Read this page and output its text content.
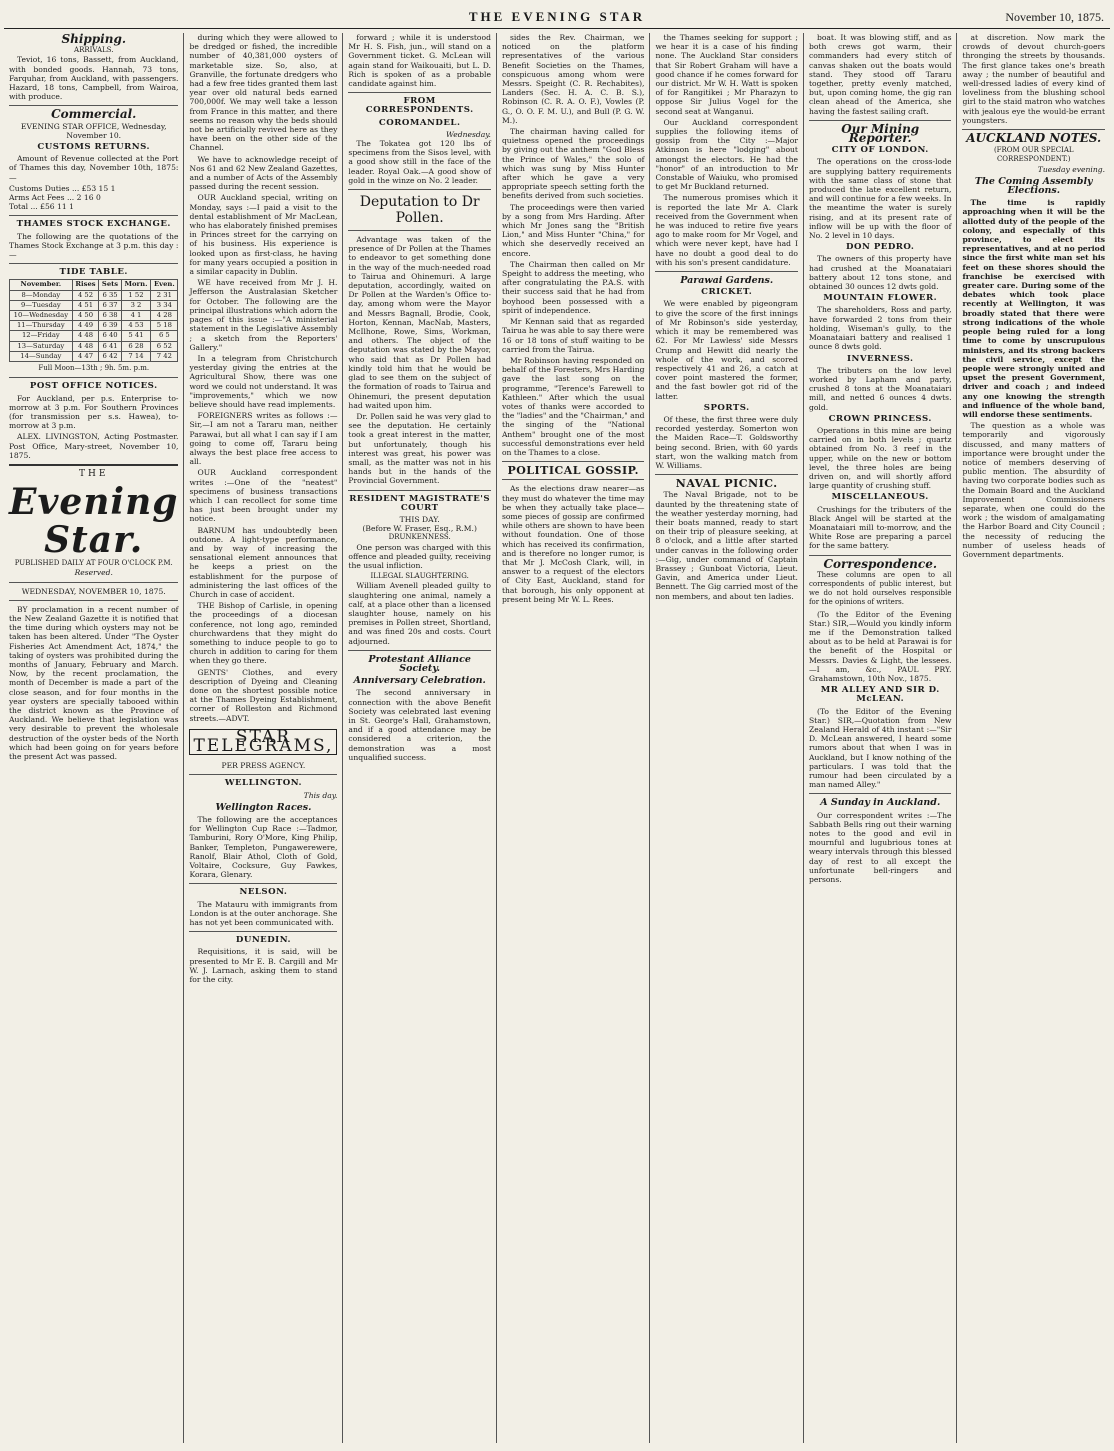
THE EVENING STAR	November 10, 1875.
Shipping.
ARRIVALS.

Teviot, 16 tons, Bassett, from Auckland, with bonded goods. Hannah, 73 tons, Farquhar, from Auckland, with passengers. Hazard, 18 tons, Campbell, from Wairoa, with produce.

Commercial.
EVENING STAR OFFICE, Wednesday, November 10.
CUSTOMS RETURNS.

Amount of Revenue collected at the Port of Thames this day, November 10th, 1875:—

Customs Duties ... £53 15 1
Arms Act Fees ... 2 16 0
Total ... £56 11 1
THAMES STOCK EXCHANGE.

The following are the quotations of the Thames Stock Exchange at 3 p.m. this day :—

TIDE TABLE.
November.	Rises	Sets	Morn.	Even.
8—Monday	4 52	6 35	1 52	2 31
9—Tuesday	4 51	6 37	3 2	3 34
10—Wednesday	4 50	6 38	4 1	4 28
11—Thursday	4 49	6 39	4 53	5 18
12—Friday	4 48	6 40	5 41	6 5
13—Saturday	4 48	6 41	6 28	6 52
14—Sunday	4 47	6 42	7 14	7 42
Full Moon—13th ; 9h. 5m. p.m.
POST OFFICE NOTICES.

For Auckland, per p.s. Enterprise to-morrow at 3 p.m. For Southern Provinces (for transmission per s.s. Hawea), to-morrow at 3 p.m.

ALEX. LIVINGSTON, Acting Postmaster. Post Office, Mary-street, November 10, 1875.

THE
Evening Star.
PUBLISHED DAILY AT FOUR O'CLOCK P.M.
Reserved.
WEDNESDAY, NOVEMBER 10, 1875.

BY proclamation in a recent number of the New Zealand Gazette it is notified that the time during which oysters may not be taken has been altered. Under "The Oyster Fisheries Act Amendment Act, 1874," the taking of oysters was prohibited during the months of January, February and March. Now, by the recent proclamation, the month of December is made a part of the close season, and for four months in the year oysters are specially tabooed within the district known as the Province of Auckland. We believe that legislation was very desirable to prevent the wholesale destruction of the oyster beds of the North which had been going on for years before the present Act was passed.

during which they were allowed to be dredged or fished, the incredible number of 40,381,000 oysters of marketable size. So, also, at Granville, the fortunate dredgers who had a few free tides granted them last year over old natural beds earned 700,000f. We may well take a lesson from France in this matter, and there seems no reason why the beds should not be artificially revived here as they have been on the other side of the Channel.

We have to acknowledge receipt of Nos 61 and 62 New Zealand Gazettes, and a number of Acts of the Assembly passed during the recent session.

OUR Auckland special, writing on Monday, says :—I paid a visit to the dental establishment of Mr MacLean, who has elaborately finished premises in Princes street for the carrying on of his business. His experience is looked upon as first-class, he having for many years occupied a position in a similar capacity in Dublin.

WE have received from Mr J. H. Jefferson the Australasian Sketcher for October. The following are the principal illustrations which adorn the pages of this issue :—"A ministerial statement in the Legislative Assembly ; a sketch from the Reporters' Gallery."

In a telegram from Christchurch yesterday giving the entries at the Agricultural Show, there was one word we could not understand. It was "improvements," which we now believe should have read implements.

FOREIGNERS writes as follows :—Sir,—I am not a Tararu man, neither Parawai, but all what I can say if I am going to come off, Tararu being always the best place free access to all.

OUR Auckland correspondent writes :—One of the "neatest" specimens of business transactions which I can recollect for some time has just been brought under my notice.

BARNUM has undoubtedly been outdone. A light-type performance, and by way of increasing the sensational element announces that he keeps a priest on the establishment for the purpose of administering the last offices of the Church in case of accident.

THE Bishop of Carlisle, in opening the proceedings of a diocesan conference, not long ago, reminded churchwardens that they might do something to induce people to go to church in addition to caring for them when they go there.

GENTS' Clothes, and every description of Dyeing and Cleaning done on the shortest possible notice at the Thames Dyeing Establishment, corner of Rolleston and Richmond streets.—ADVT.

STAR TELEGRAMS,
PER PRESS AGENCY.
WELLINGTON.
This day.
Wellington Races.

The following are the acceptances for Wellington Cup Race :—Tadmor, Tamburini, Rory O'More, King Philip, Banker, Templeton, Pungawerewere, Ranolf, Blair Athol, Cloth of Gold, Voltaire, Cocksure, Guy Fawkes, Korara, Glenary.

NELSON.

The Matauru with immigrants from London is at the outer anchorage. She has not yet been communicated with.

DUNEDIN.

Requisitions, it is said, will be presented to Mr E. B. Cargill and Mr W. J. Larnach, asking them to stand for the city.

forward ; while it is understood Mr H. S. Fish, jun., will stand on a Government ticket. G. McLean will again stand for Waikouaiti, but L. D. Rich is spoken of as a probable candidate against him.

FROM CORRESPONDENTS.
COROMANDEL.
Wednesday.

The Tokatea got 120 lbs of specimens from the Sisos level, with a good show still in the face of the leader. Royal Oak.—A good show of gold in the winze on No. 2 leader.

Deputation to Dr Pollen.

Advantage was taken of the presence of Dr Pollen at the Thames to endeavor to get something done in the way of the much-needed road to Tairua and Ohinemuri. A large deputation, accordingly, waited on Dr Pollen at the Warden's Office to-day, among whom were the Mayor and Messrs Bagnall, Brodie, Cook, Horton, Kennan, MacNab, Masters, McIlhone, Rowe, Sims, Workman, and others. The object of the deputation was stated by the Mayor, who said that as Dr Pollen had kindly told him that he would be glad to see them on the subject of the formation of roads to Tairua and Ohinemuri, the present deputation had waited upon him.

Dr. Pollen said he was very glad to see the deputation. He certainly took a great interest in the matter, but unfortunately, though his interest was great, his power was small, as the matter was not in his hands but in the hands of the Provincial Government.

RESIDENT MAGISTRATE'S COURT
THIS DAY.
(Before W. Fraser, Esq., R.M.)
DRUNKENNESS.

One person was charged with this offence and pleaded guilty, receiving the usual infliction.

ILLEGAL SLAUGHTERING.

William Avenell pleaded guilty to slaughtering one animal, namely a calf, at a place other than a licensed slaughter house, namely on his premises in Pollen street, Shortland, and was fined 20s and costs. Court adjourned.

Protestant Alliance Society.
Anniversary Celebration.

The second anniversary in connection with the above Benefit Society was celebrated last evening in St. George's Hall, Grahamstown, and if a good attendance may be considered a criterion, the demonstration was a most unqualified success.

sides the Rev. Chairman, we noticed on the platform representatives of the various Benefit Societies on the Thames, conspicuous among whom were Messrs. Speight (C. R. Rechabites), Landers (Sec. H. A. C. B. S.), Robinson (C. R. A. O. F.), Vowles (P. G., O. O. F. M. U.), and Bull (P. G. W. M.).

The chairman having called for quietness opened the proceedings by giving out the anthem "God Bless the Prince of Wales," the solo of which was sung by Miss Hunter after which he gave a very appropriate speech setting forth the benefits derived from such societies.

The proceedings were then varied by a song from Mrs Harding. After which Mr Jones sang the "British Lion," and Miss Hunter "China," for which she deservedly received an encore.

The Chairman then called on Mr Speight to address the meeting, who after congratulating the P.A.S. with their success said that he had from boyhood been possessed with a spirit of independence.

Mr Kennan said that as regarded Tairua he was able to say there were 16 or 18 tons of stuff waiting to be carried from the Tairua.

Mr Robinson having responded on behalf of the Foresters, Mrs Harding gave the last song on the programme, "Terence's Farewell to Kathleen." After which the usual votes of thanks were accorded to the "ladies" and the "Chairman," and the singing of the "National Anthem" brought one of the most successful demonstrations ever held on the Thames to a close.

POLITICAL GOSSIP.

As the elections draw nearer—as they must do whatever the time may be when they actually take place—some pieces of gossip are confirmed while others are shown to have been without foundation. One of those which has received its confirmation, and is therefore no longer rumor, is that Mr J. McCosh Clark, will, in answer to a request of the electors of City East, Auckland, stand for that borough, his only opponent at present being Mr W. L. Rees.

the Thames seeking for support ; we hear it is a case of his finding none. The Auckland Star considers that Sir Robert Graham will have a good chance if he comes forward for our district. Mr W. H. Watt is spoken of for Rangitikei ; Mr Pharazyn to oppose Sir Julius Vogel for the second seat at Wanganui.

Our Auckland correspondent supplies the following items of gossip from the City :—Major Atkinson is here "lodging" about amongst the electors. He had the "honor" of an introduction to Mr Constable of Waiuku, who promised to get Mr Buckland returned.

The numerous promises which it is reported the late Mr A. Clark received from the Government when he was induced to retire five years ago to make room for Mr Vogel, and which were never kept, have had I have no doubt a good deal to do with his son's present candidature.

Parawai Gardens.
CRICKET.

We were enabled by pigeongram to give the score of the first innings of Mr Robinson's side yesterday, which it may be remembered was 62. For Mr Lawless' side Messrs Crump and Hewitt did nearly the whole of the work, and scored respectively 41 and 26, a catch at cover point mastered the former, and the fast bowler got rid of the latter.

SPORTS.

Of these, the first three were duly recorded yesterday. Somerton won the Maiden Race—T. Goldsworthy being second. Brien, with 60 yards start, won the walking match from W. Williams.

NAVAL PICNIC.

The Naval Brigade, not to be daunted by the threatening state of the weather yesterday morning, had their boats manned, ready to start on their trip of pleasure seeking, at 8 o'clock, and a little after started under canvas in the following order :—Gig, under command of Captain Brassey ; Gunboat Victoria, Lieut. Gavin, and America under Lieut. Bennett. The Gig carried most of the non members, and about ten ladies.

boat. It was blowing stiff, and as both crews got warm, their commanders had every stitch of canvas shaken out the boats would stand. They stood off Tararu together, pretty evenly matched, but, upon coming home, the gig ran clean ahead of the America, she having the fastest sailing craft.

Our Mining Reporter.
CITY OF LONDON.

The operations on the cross-lode are supplying battery requirements with the same class of stone that produced the late excellent return, and will continue for a few weeks. In the meantime the water is surely rising, and at its present rate of inflow will be up with the floor of No. 2 level in 10 days.

DON PEDRO.

The owners of this property have had crushed at the Moanataiari battery about 12 tons stone, and obtained 30 ounces 12 dwts gold.

MOUNTAIN FLOWER.

The shareholders, Ross and party, have forwarded 2 tons from their holding, Wiseman's gully, to the Moanataiari battery and realised 1 ounce 8 dwts gold.

INVERNESS.

The tributers on the low level worked by Lapham and party, crushed 8 tons at the Moanataiari mill, and netted 6 ounces 4 dwts. gold.

CROWN PRINCESS.

Operations in this mine are being carried on in both levels ; quartz obtained from No. 3 reef in the upper, while on the new or bottom level, the three holes are being driven on, and will shortly afford large quantity of crushing stuff.

MISCELLANEOUS.

Crushings for the tributers of the Black Angel will be started at the Moanataiari mill to-morrow, and the White Rose are preparing a parcel for the same battery.

Correspondence.

These columns are open to all correspondents of public interest, but we do not hold ourselves responsible for the opinions of writers.

(To the Editor of the Evening Star.) SIR,—Would you kindly inform me if the Demonstration talked about as to be held at Parawai is for the benefit of the Hospital or Messrs. Davies & Light, the lessees.—I am, &c., PAUL PRY. Grahamstown, 10th Nov., 1875.

MR ALLEY AND SIR D. McLEAN.

(To the Editor of the Evening Star.) SIR,—Quotation from New Zealand Herald of 4th instant :—"Sir D. McLean answered, I heard some rumors about that when I was in Auckland, but I know nothing of the particulars. I was told that the rumour had been circulated by a man named Alley."

A Sunday in Auckland.

Our correspondent writes :—The Sabbath Bells ring out their warning notes to the good and evil in mournful and lugubrious tones at weary intervals through this blessed day of rest to all except the unfortunate bell-ringers and persons.

at discretion. Now mark the crowds of devout church-goers thronging the streets by thousands. The first glance takes one's breath away ; the number of beautiful and well-dressed ladies of every kind of loveliness from the blushing school girl to the staid matron who watches with jealous eye the would-be errant youngsters.

AUCKLAND NOTES.
(FROM OUR SPECIAL CORRESPONDENT.)
Tuesday evening.
The Coming Assembly Elections.

The time is rapidly approaching when it will be the allotted duty of the people of the colony, and especially of this province, to elect its representatives, and at no period since the first white man set his feet on these shores should the franchise be exercised with greater care. During some of the debates which took place recently at Wellington, it was broadly stated that there were strong indications of the whole people being ruled for a long time to come by unscrupulous ministers, and its strong backers the civil service, except the people were strongly united and upset the present Government, driver and coach ; and indeed any one knowing the strength and influence of the whole band, will endorse these sentiments.

The question as a whole was temporarily and vigorously discussed, and many matters of importance were brought under the notice of members deserving of public mention. The absurdity of having two corporate bodies such as the Domain Board and the Auckland Improvement Commissioners separate, when one could do the work ; the wisdom of amalgamating the Harbor Board and City Council ; the necessity of reducing the number of useless heads of Government departments.
